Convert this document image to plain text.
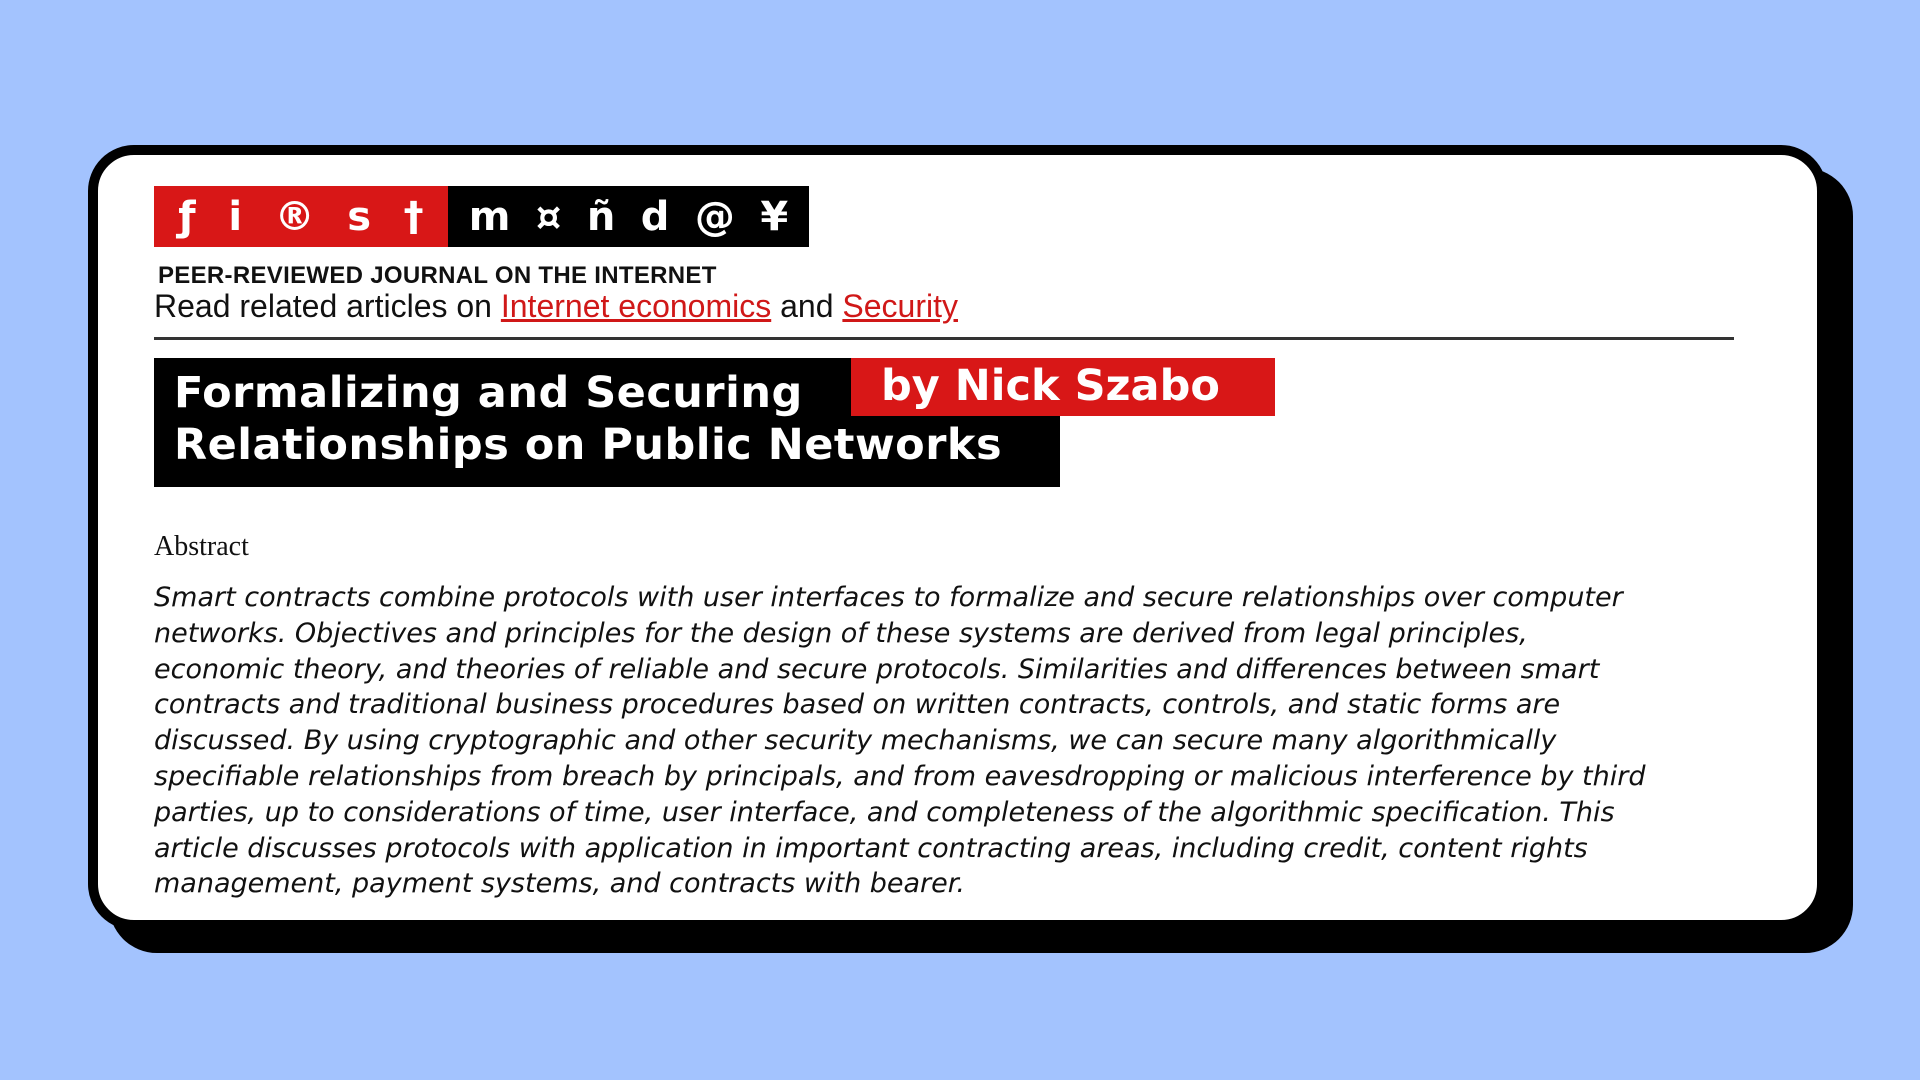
ƒ i ® s † m ¤ ñ d @ ¥
PEER-REVIEWED JOURNAL ON THE INTERNET
Read related articles on Internet economics and Security
Formalizing and Securing
Relationships on Public Networks
by Nick Szabo
Abstract

Smart contracts combine protocols with user interfaces to formalize and secure relationships over computer
networks. Objectives and principles for the design of these systems are derived from legal principles,
economic theory, and theories of reliable and secure protocols. Similarities and differences between smart
contracts and traditional business procedures based on written contracts, controls, and static forms are
discussed. By using cryptographic and other security mechanisms, we can secure many algorithmically
specifiable relationships from breach by principals, and from eavesdropping or malicious interference by third
parties, up to considerations of time, user interface, and completeness of the algorithmic specification. This
article discusses protocols with application in important contracting areas, including credit, content rights
management, payment systems, and contracts with bearer.
